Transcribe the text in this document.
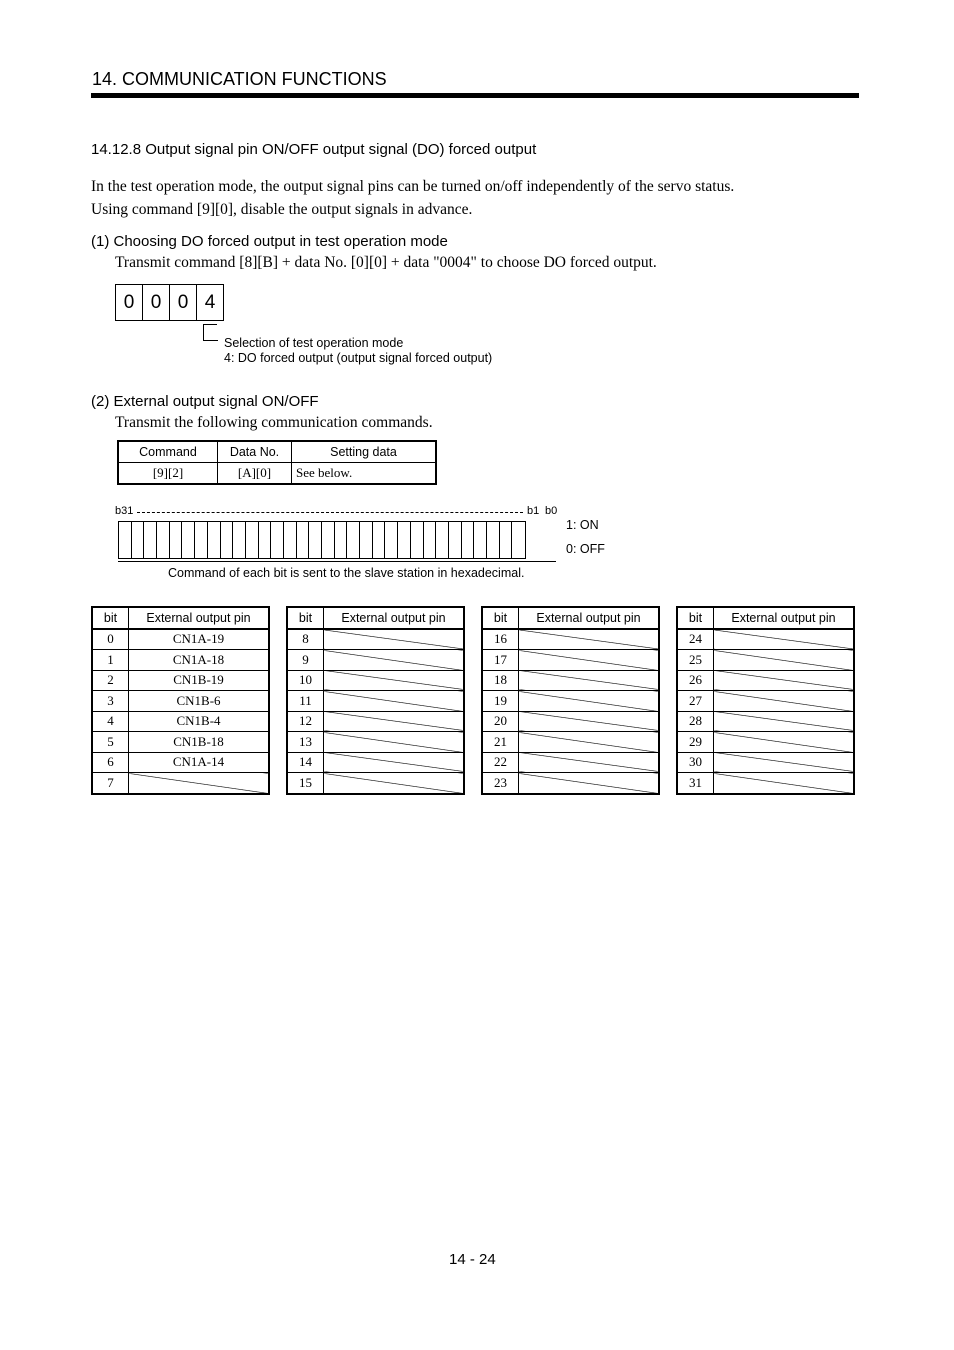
14. COMMUNICATION FUNCTIONS
14.12.8 Output signal pin ON/OFF output signal (DO) forced output
In the test operation mode, the output signal pins can be turned on/off independently of the servo status.
Using command [9][0], disable the output signals in advance.
(1) Choosing DO forced output in test operation mode
Transmit command [8][B] + data No. [0][0] + data "0004" to choose DO forced output.
0 0 0 4
Selection of test operation mode
4: DO forced output (output signal forced output)
(2) External output signal ON/OFF
Transmit the following communication commands.
Command	Data No.	Setting data
[9][2]	[A][0]	See below.
b31	b1 b0
1: ON
0: OFF
Command of each bit is sent to the slave station in hexadecimal.
bit	External output pin
0	CN1A-19
1	CN1A-18
2	CN1B-19
3	CN1B-6
4	CN1B-4
5	CN1B-18
6	CN1A-14
7	
bit	External output pin
8	
9	
10	
11	
12	
13	
14	
15	
bit	External output pin
16	
17	
18	
19	
20	
21	
22	
23	
bit	External output pin
24	
25	
26	
27	
28	
29	
30	
31	
14 - 24
